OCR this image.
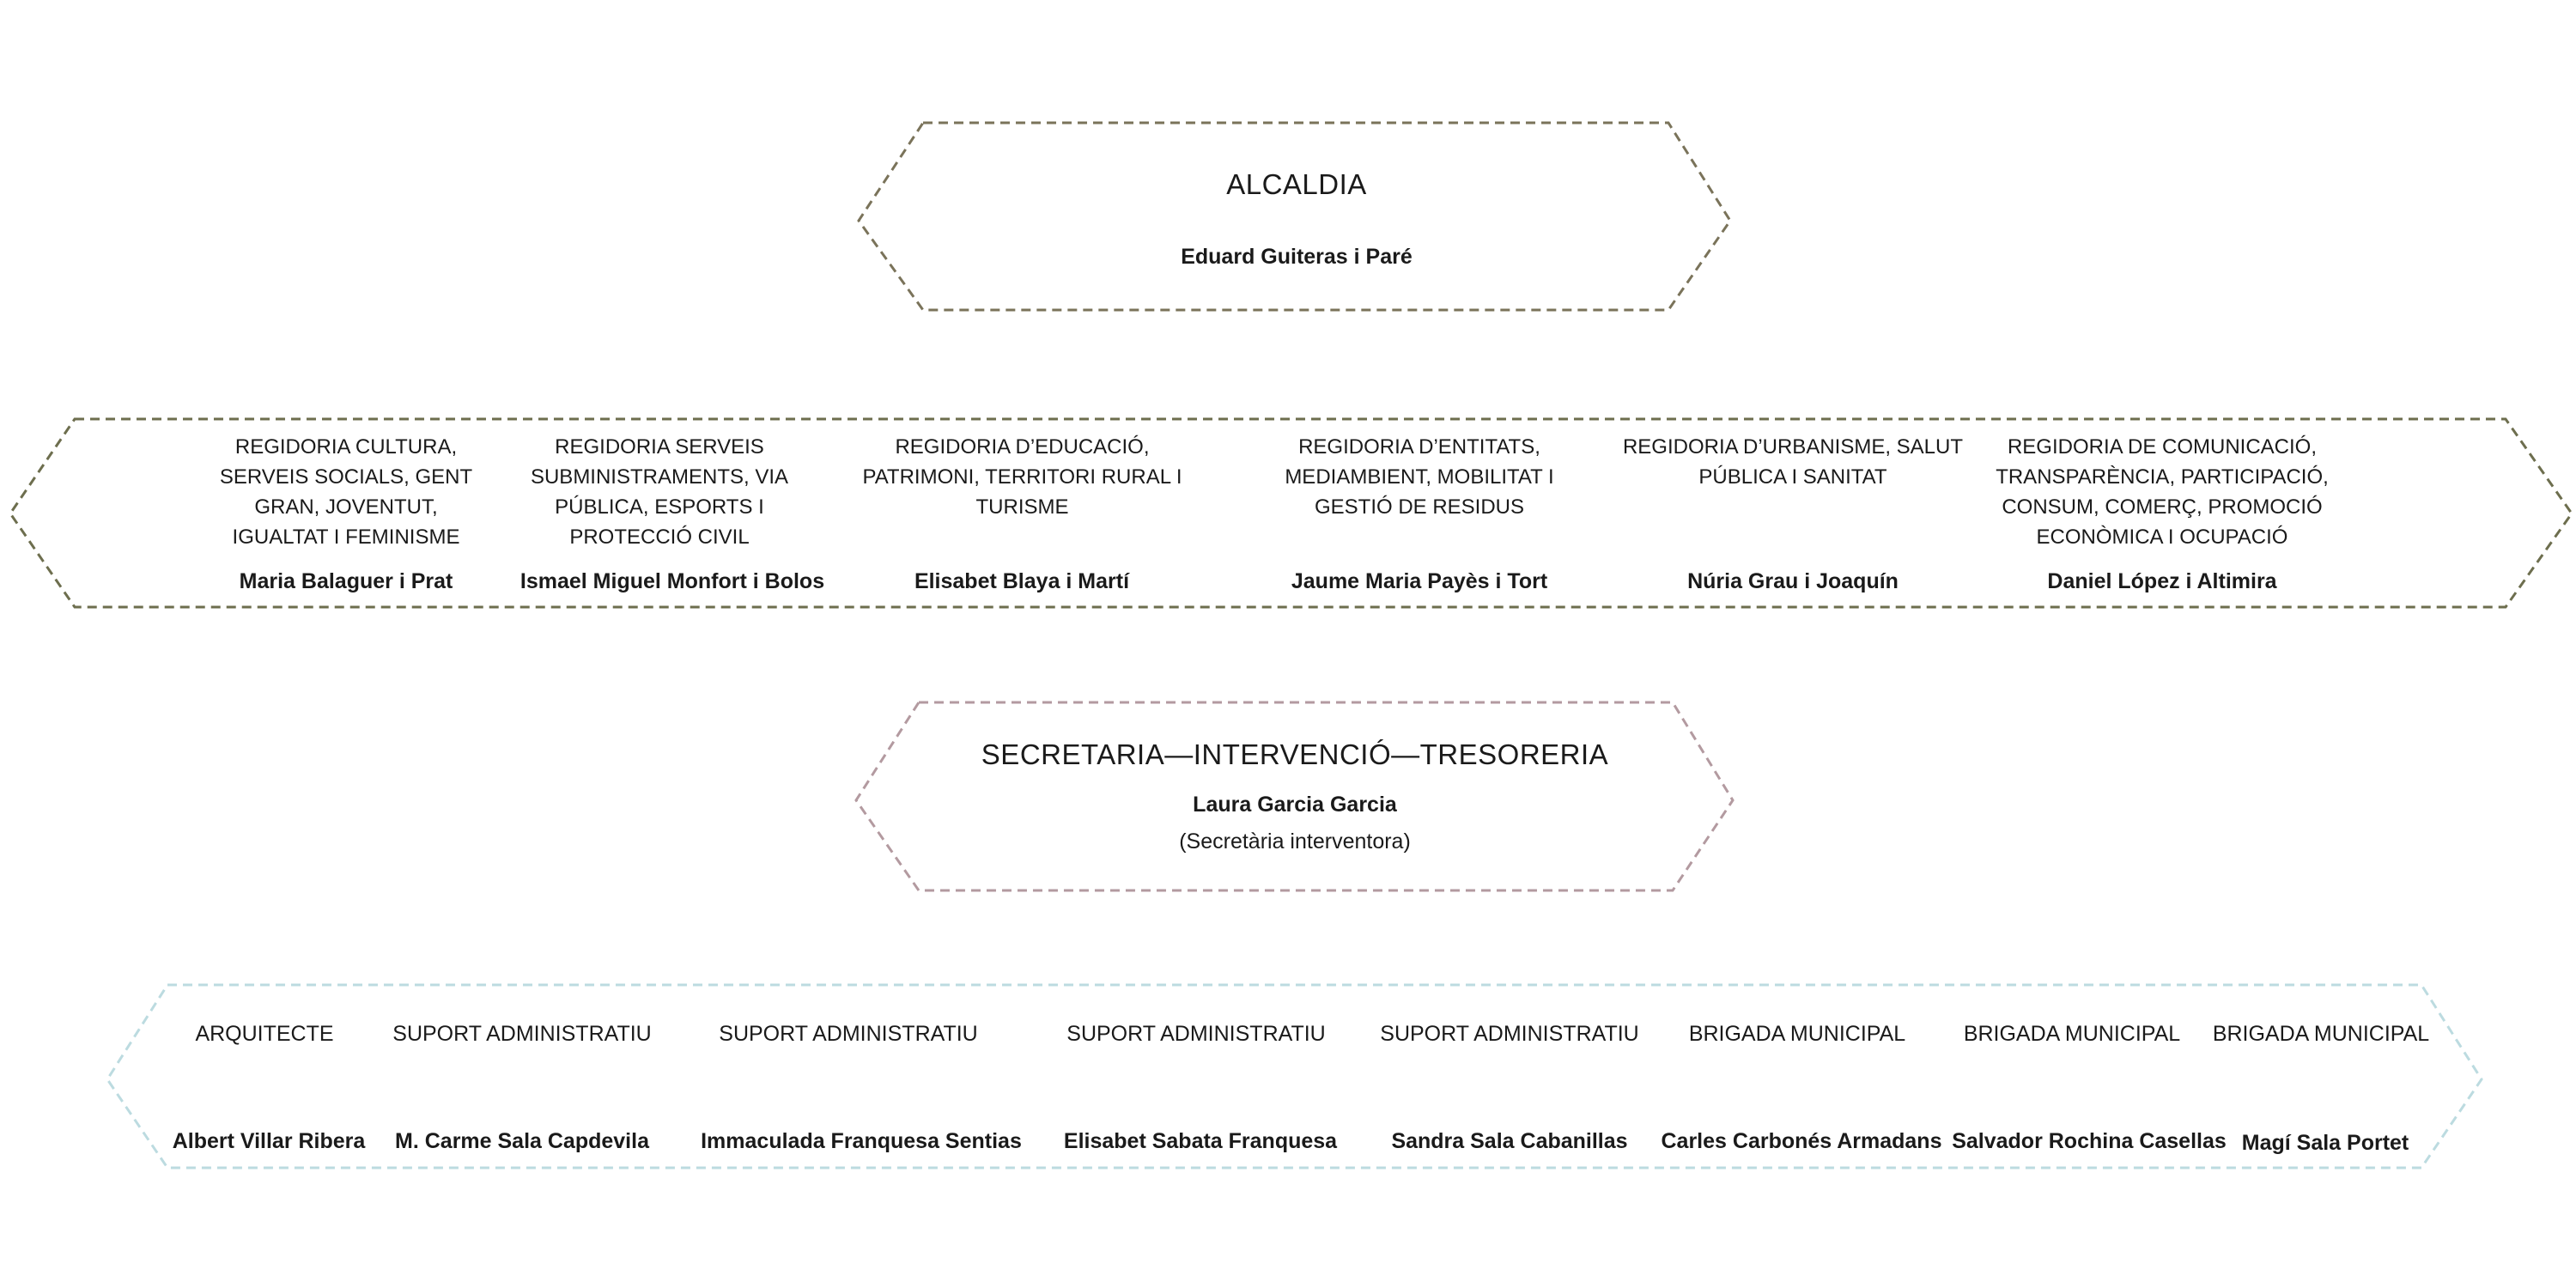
ALCALDIA
Eduard Guiteras i Paré
REGIDORIA CULTURA, SERVEIS SOCIALS, GENT GRAN, JOVENTUT, IGUALTAT I FEMINISME
Maria Balaguer i Prat
REGIDORIA SERVEIS SUBMINISTRAMENTS, VIA PÚBLICA, ESPORTS I PROTECCIÓ CIVIL
Ismael Miguel Monfort i Bolos
REGIDORIA D’EDUCACIÓ, PATRIMONI, TERRITORI RURAL I TURISME
Elisabet Blaya i Martí
REGIDORIA D’ENTITATS, MEDIAMBIENT, MOBILITAT I GESTIÓ DE RESIDUS
Jaume Maria Payès i Tort
REGIDORIA D’URBANISME, SALUT PÚBLICA I SANITAT
Núria Grau i Joaquín
REGIDORIA DE COMUNICACIÓ, TRANSPARÈNCIA, PARTICIPACIÓ, CONSUM, COMERÇ, PROMOCIÓ ECONÒMICA I OCUPACIÓ
Daniel López i Altimira
SECRETARIA—INTERVENCIÓ—TRESORERIA
Laura Garcia Garcia
(Secretària interventora)
ARQUITECTE
Albert Villar Ribera
SUPORT ADMINISTRATIU
M. Carme Sala Capdevila
SUPORT ADMINISTRATIU
Immaculada Franquesa Sentias
SUPORT ADMINISTRATIU
Elisabet Sabata Franquesa
SUPORT ADMINISTRATIU
Sandra Sala Cabanillas
BRIGADA MUNICIPAL
Carles Carbonés Armadans
BRIGADA MUNICIPAL
Salvador Rochina Casellas
BRIGADA MUNICIPAL
Magí Sala Portet
